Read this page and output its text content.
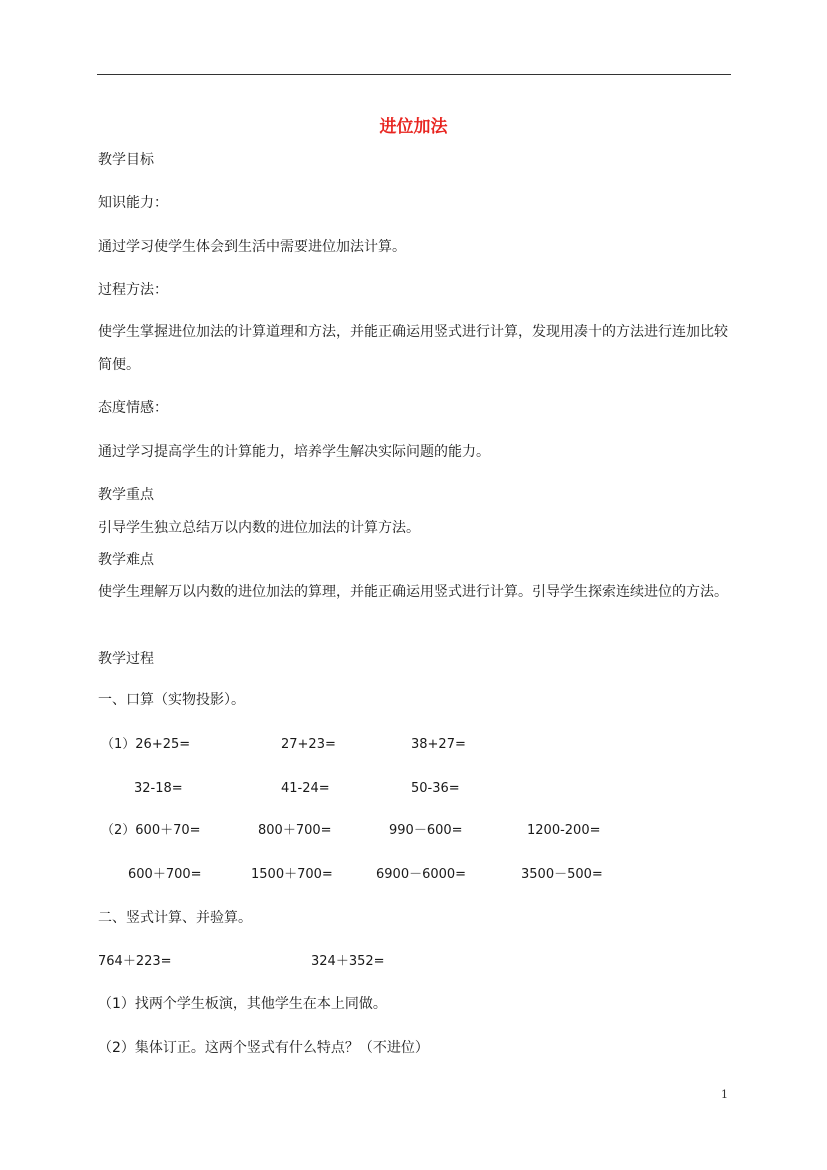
进位加法
教学目标
知识能力：
通过学习使学生体会到生活中需要进位加法计算。
过程方法：
使学生掌握进位加法的计算道理和方法，并能正确运用竖式进行计算，发现用凑十的方法进行连加比较简便。
态度情感：
通过学习提高学生的计算能力，培养学生解决实际问题的能力。
教学重点
引导学生独立总结万以内数的进位加法的计算方法。
教学难点
使学生理解万以内数的进位加法的算理，并能正确运用竖式进行计算。引导学生探索连续进位的方法。
教学过程
一、口算（实物投影）。
（1）26+25=	27+23=	38+27=
32-18=	41-24=	50-36=
（2）600＋70=	800＋700=	990－600=	1200-200=
600＋700=	1500＋700=	6900－6000=	3500－500=
二、竖式计算、并验算。
764＋223=	324＋352=
（1）找两个学生板演，其他学生在本上同做。
（2）集体订正。这两个竖式有什么特点？（不进位）
1
